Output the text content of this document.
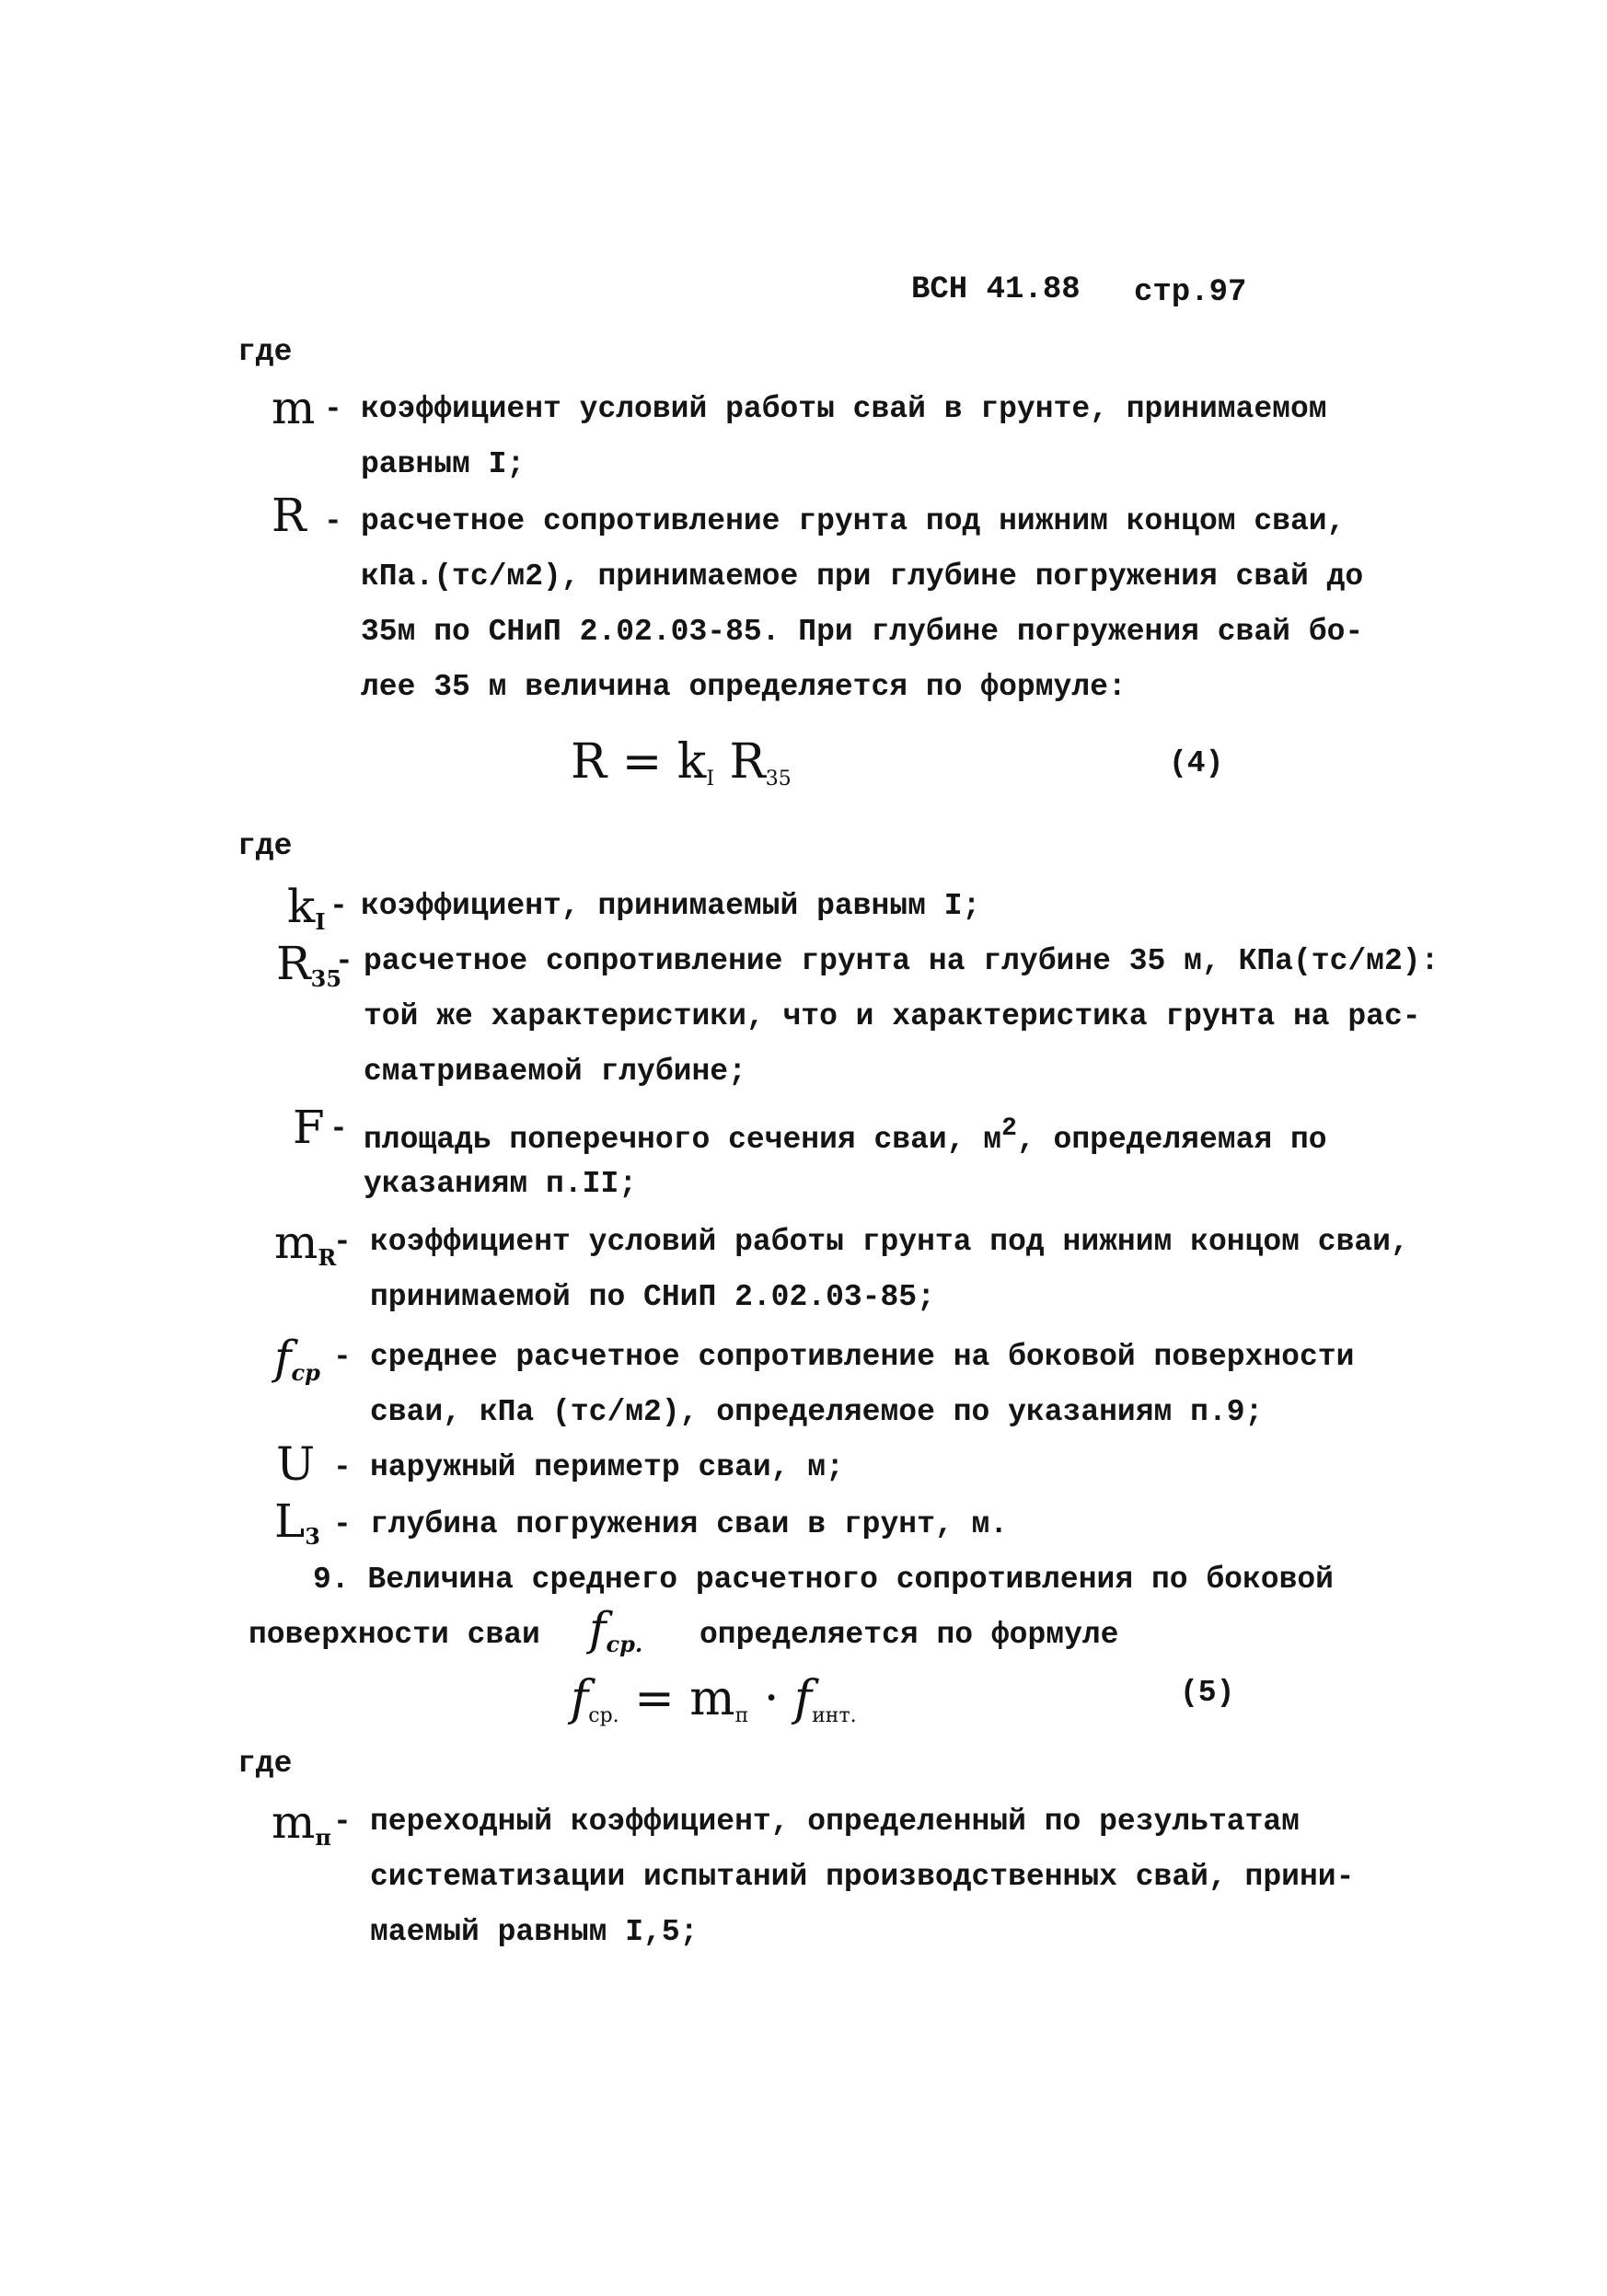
ВСН 41.88 стр.97
где
m - коэффициент условий работы свай в грунте, принимаемом
равным I;
R - расчетное сопротивление грунта под нижним концом сваи,
кПа.(тс/м2), принимаемое при глубине погружения свай до
35м по СНиП 2.02.03-85. При глубине погружения свай бо-
лее 35 м величина определяется по формуле:
$R = k_I$ $R_{35}$	(4)
где
$k_I$ - коэффициент, принимаемый равным I;
$R_{35}$
- расчетное сопротивление грунта на глубине 35 м, КПа(тс/м2):
той же характеристики, что и характеристика грунта на рас-
сматриваемой глубине;
F - площадь поперечного сечения сваи, $м^2$, определяемая по
указаниям п.II;
$m_R$
- коэффициент условий работы грунта под нижним концом сваи,
принимаемой по СНиП 2.02.03-85;
$f_{cp}$ - среднее расчетное сопротивление на боковой поверхности
сваи, кПа (тс/м2), определяемое по указаниям п.9;
U - наружный периметр сваи, м;
$L_3$ - глубина погружения сваи в грунт, м.
9. Величина среднего расчетного сопротивления по боковой
поверхности сваи $f_{cp.}$ определяется по формуле
$f_{cp.} = m_п \cdot f_{инт.}$
(5)
где
$m_п$ - переходный коэффициент, определенный по результатам
систематизации испытаний производственных свай, прини-
маемый равным I,5;
